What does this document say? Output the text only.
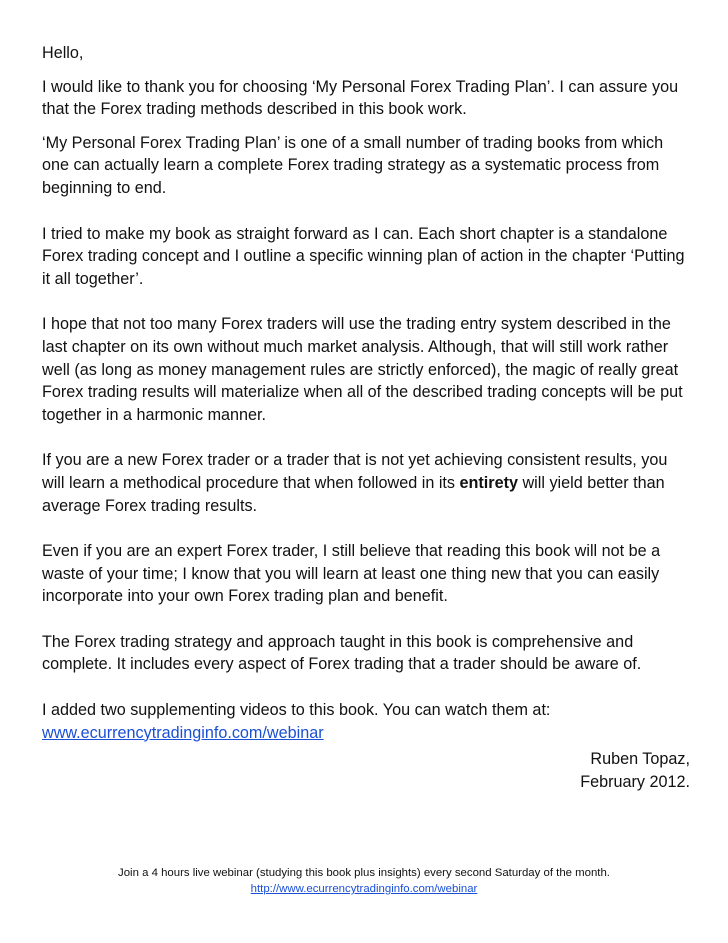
Hello,

I would like to thank you for choosing ‘My Personal Forex Trading Plan’. I can assure you that the Forex trading methods described in this book work.

‘My Personal Forex Trading Plan’ is one of a small number of trading books from which one can actually learn a complete Forex trading strategy as a systematic process from beginning to end.

I tried to make my book as straight forward as I can. Each short chapter is a standalone Forex trading concept and I outline a specific winning plan of action in the chapter ‘Putting it all together’.

I hope that not too many Forex traders will use the trading entry system described in the last chapter on its own without much market analysis. Although, that will still work rather well (as long as money management rules are strictly enforced), the magic of really great Forex trading results will materialize when all of the described trading concepts will be put together in a harmonic manner.

If you are a new Forex trader or a trader that is not yet achieving consistent results, you will learn a methodical procedure that when followed in its entirety will yield better than average Forex trading results.

Even if you are an expert Forex trader, I still believe that reading this book will not be a waste of your time; I know that you will learn at least one thing new that you can easily incorporate into your own Forex trading plan and benefit.

The Forex trading strategy and approach taught in this book is comprehensive and complete. It includes every aspect of Forex trading that a trader should be aware of.

I added two supplementing videos to this book. You can watch them at:
www.ecurrencytradinginfo.com/webinar

Ruben Topaz,
February 2012.
Join a 4 hours live webinar (studying this book plus insights) every second Saturday of the month.
http://www.ecurrencytradinginfo.com/webinar
